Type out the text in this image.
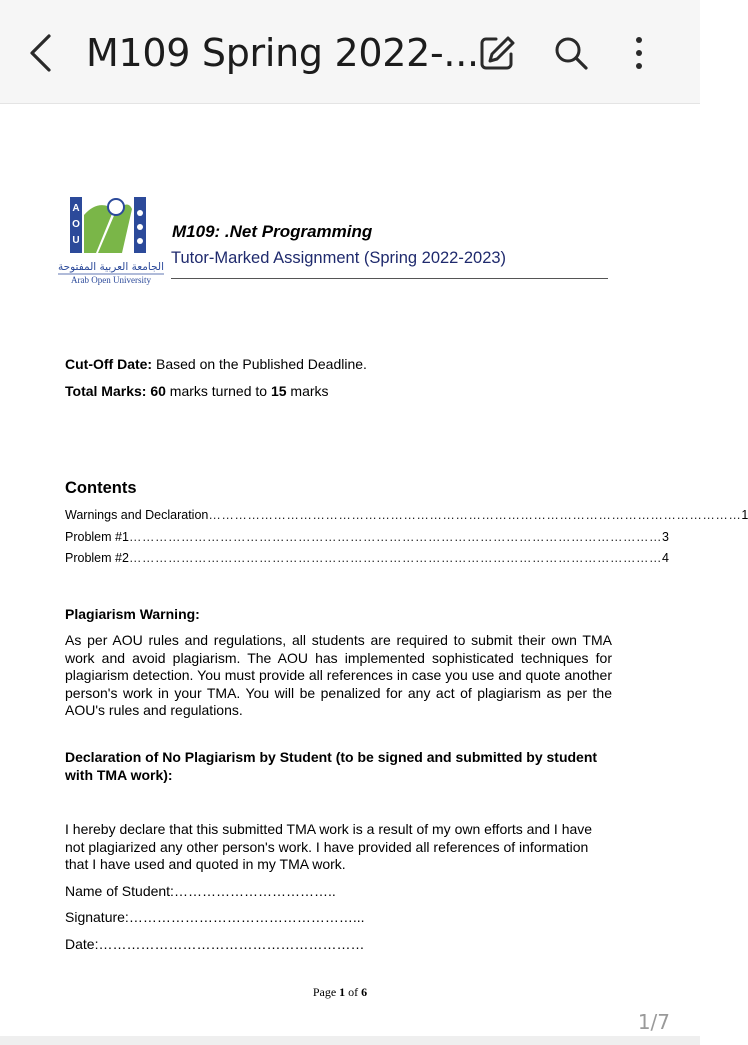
M109 Spring 2022-...
A
O
U
الجامعة العربية المفتوحة
Arab Open University
M109: .Net Programming
Tutor-Marked Assignment (Spring 2022-2023)
Cut-Off Date: Based on the Published Deadline.
Total Marks: 60 marks turned to 15 marks
Contents
Warnings and Declaration …………………………………………………………………………………………………………… 1
Problem #1 …………………………………………………………………………………………………………… 3
Problem #2 …………………………………………………………………………………………………………… 4
Plagiarism Warning:
As per AOU rules and regulations, all students are required to submit their own TMA work and avoid plagiarism. The AOU has implemented sophisticated techniques for plagiarism detection. You must provide all references in case you use and quote another person's work in your TMA. You will be penalized for any act of plagiarism as per the AOU's rules and regulations.
Declaration of No Plagiarism by Student (to be signed and submitted by student with TMA work):
I hereby declare that this submitted TMA work is a result of my own efforts and I have not plagiarized any other person's work. I have provided all references of information that I have used and quoted in my TMA work.
Name of Student:……………………………..
Signature:…………………………………………...
Date:…………………………………………………
Page 1 of 6
1/7
